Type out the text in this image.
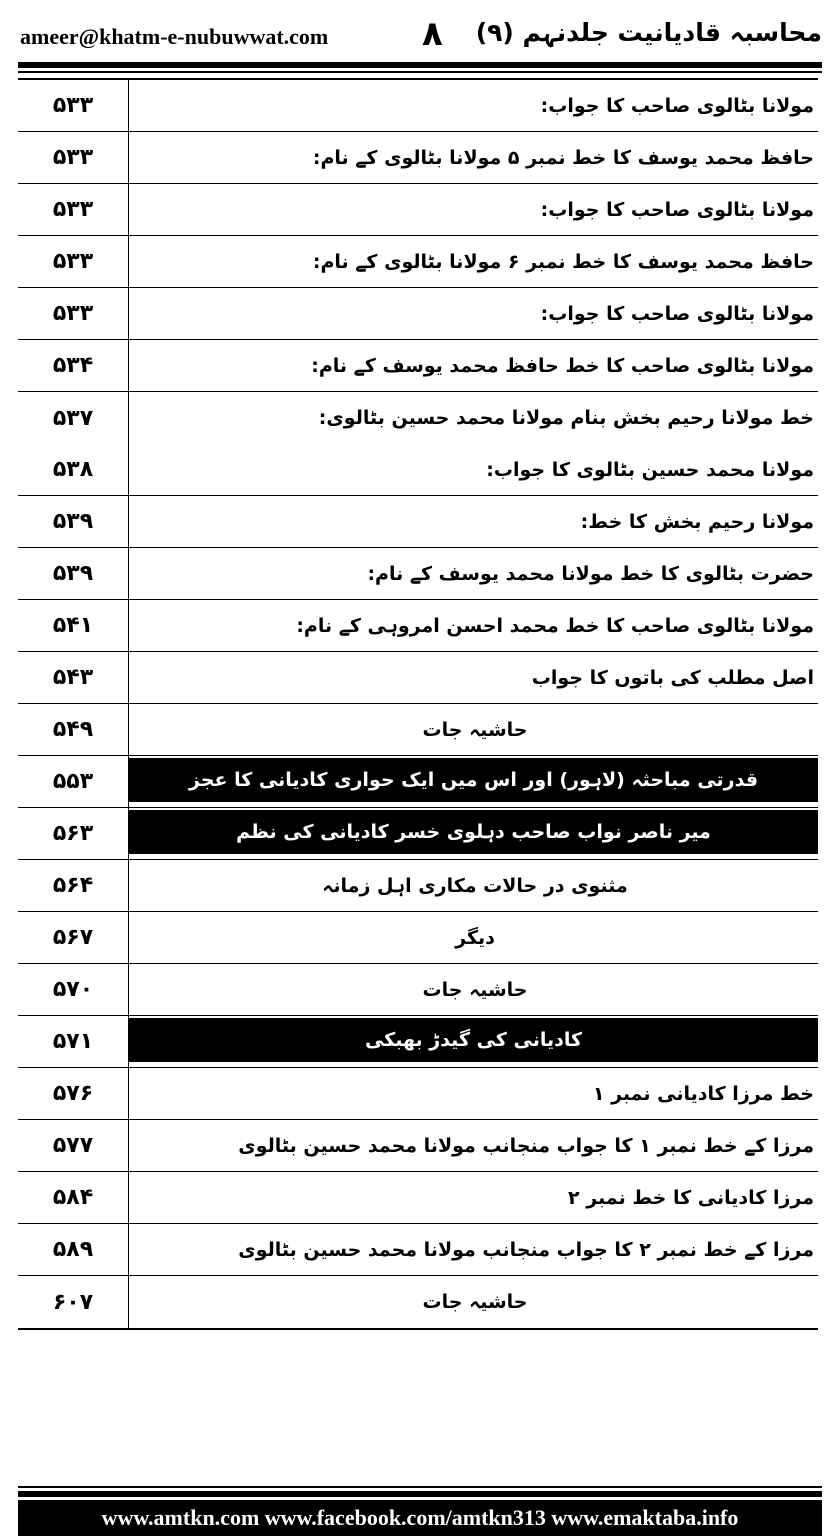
ameer@khatm-e-nubuwwat.com	۸ محاسبہ قادیانیت جلدنہم (۹)
۵۳۳	مولانا بٹالوی صاحب کا جواب:
۵۳۳	حافظ محمد یوسف کا خط نمبر ۵ مولانا بٹالوی کے نام:
۵۳۳	مولانا بٹالوی صاحب کا جواب:
۵۳۳	حافظ محمد یوسف کا خط نمبر ۶ مولانا بٹالوی کے نام:
۵۳۳	مولانا بٹالوی صاحب کا جواب:
۵۳۴	مولانا بٹالوی صاحب کا خط حافظ محمد یوسف کے نام:
۵۳۷	خط مولانا رحیم بخش بنام مولانا محمد حسین بٹالوی:
۵۳۸	مولانا محمد حسین بٹالوی کا جواب:
۵۳۹	مولانا رحیم بخش کا خط:
۵۳۹	حضرت بٹالوی کا خط مولانا محمد یوسف کے نام:
۵۴۱	مولانا بٹالوی صاحب کا خط محمد احسن امروہی کے نام:
۵۴۳	اصل مطلب کی باتوں کا جواب
۵۴۹	حاشیہ جات
۵۵۳	قدرتی مباحثہ (لاہور) اور اس میں ایک حواری کادیانی کا عجز
۵۶۳	میر ناصر نواب صاحب دہلوی خسر کادیانی کی نظم
۵۶۴	مثنوی در حالات مکاری اہل زمانہ
۵۶۷	دیگر
۵۷۰	حاشیہ جات
۵۷۱	کادیانی کی گیدڑ بھبکی
۵۷۶	خط مرزا کادیانی نمبر ۱
۵۷۷	مرزا کے خط نمبر ۱ کا جواب منجانب مولانا محمد حسین بٹالوی
۵۸۴	مرزا کادیانی کا خط نمبر ۲
۵۸۹	مرزا کے خط نمبر ۲ کا جواب منجانب مولانا محمد حسین بٹالوی
۶۰۷	حاشیہ جات
www.amtkn.com www.facebook.com/amtkn313 www.emaktaba.info
